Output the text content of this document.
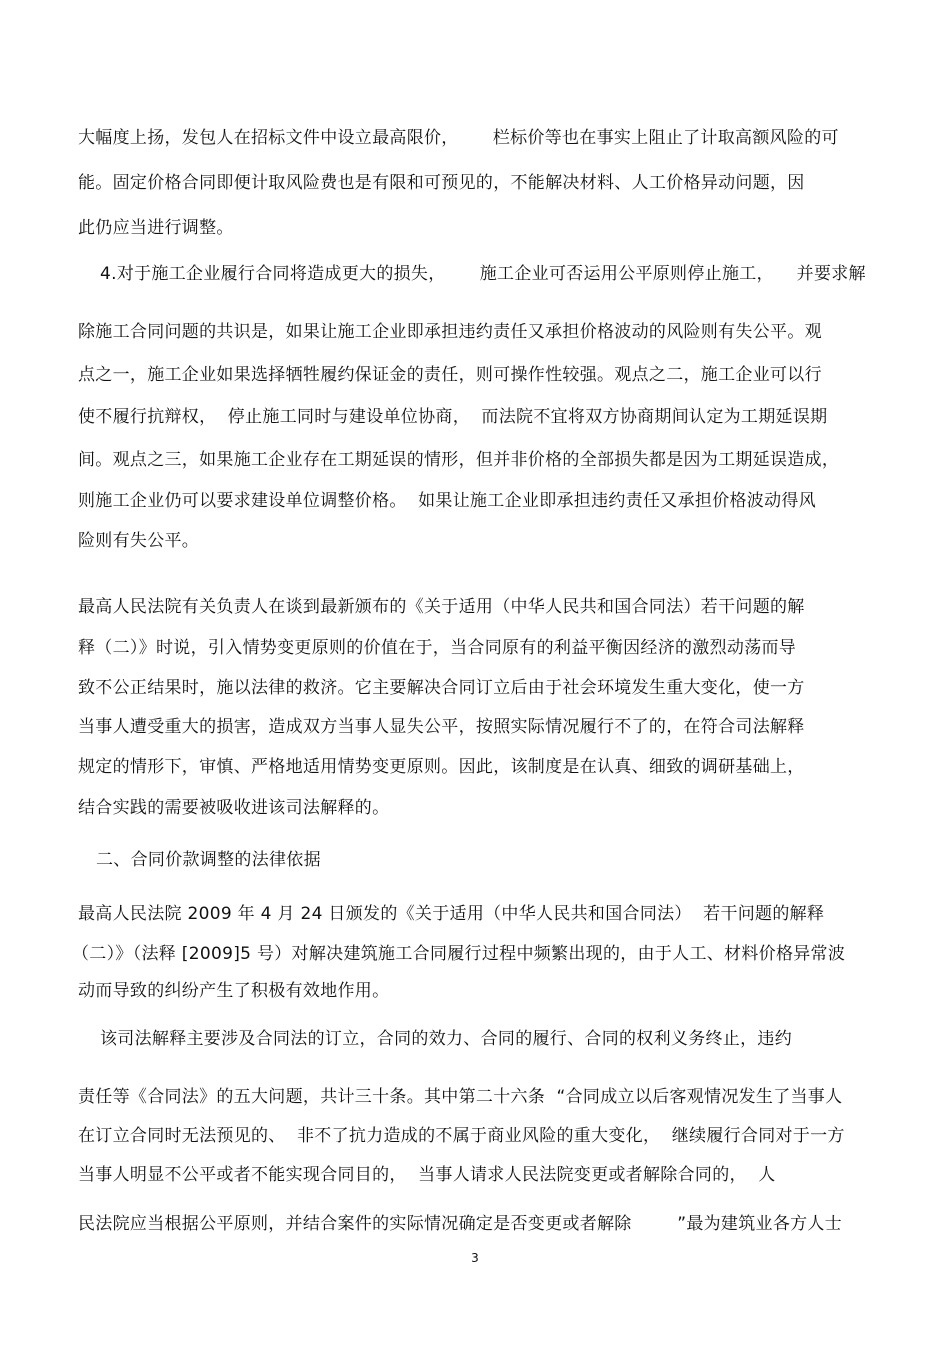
大幅度上扬，发包人在招标文件中设立最高限价，      栏标价等也在事实上阻止了计取高额风险的可
能。固定价格合同即便计取风险费也是有限和可预见的，不能解决材料、人工价格异动问题，因
此仍应当进行调整。
4.对于施工企业履行合同将造成更大的损失，      施工企业可否运用公平原则停止施工，    并要求解
除施工合同问题的共识是，如果让施工企业即承担违约责任又承担价格波动的风险则有失公平。观
点之一，施工企业如果选择牺牲履约保证金的责任，则可操作性较强。观点之二，施工企业可以行
使不履行抗辩权，  停止施工同时与建设单位协商，  而法院不宜将双方协商期间认定为工期延误期
间。观点之三，如果施工企业存在工期延误的情形，但并非价格的全部损失都是因为工期延误造成，
则施工企业仍可以要求建设单位调整价格。  如果让施工企业即承担违约责任又承担价格波动得风
险则有失公平。
最高人民法院有关负责人在谈到最新颁布的《关于适用（中华人民共和国合同法）若干问题的解
释（二）》时说，引入情势变更原则的价值在于，当合同原有的利益平衡因经济的激烈动荡而导
致不公正结果时，施以法律的救济。它主要解决合同订立后由于社会环境发生重大变化，使一方
当事人遭受重大的损害，造成双方当事人显失公平，按照实际情况履行不了的，在符合司法解释
规定的情形下，审慎、严格地适用情势变更原则。因此，该制度是在认真、细致的调研基础上，
结合实践的需要被吸收进该司法解释的。
二、合同价款调整的法律依据
最高人民法院 2009 年 4 月 24 日颁发的《关于适用（中华人民共和国合同法）  若干问题的解释
（二）》（法释 [2009]5 号）对解决建筑施工合同履行过程中频繁出现的，由于人工、材料价格异常波
动而导致的纠纷产生了积极有效地作用。
该司法解释主要涉及合同法的订立，合同的效力、合同的履行、合同的权利义务终止，违约
责任等《合同法》的五大问题，共计三十条。其中第二十六条  “合同成立以后客观情况发生了当事人
在订立合同时无法预见的、  非不了抗力造成的不属于商业风险的重大变化，  继续履行合同对于一方
当事人明显不公平或者不能实现合同目的，  当事人请求人民法院变更或者解除合同的，  人
民法院应当根据公平原则，并结合案件的实际情况确定是否变更或者解除        ”最为建筑业各方人士
3
